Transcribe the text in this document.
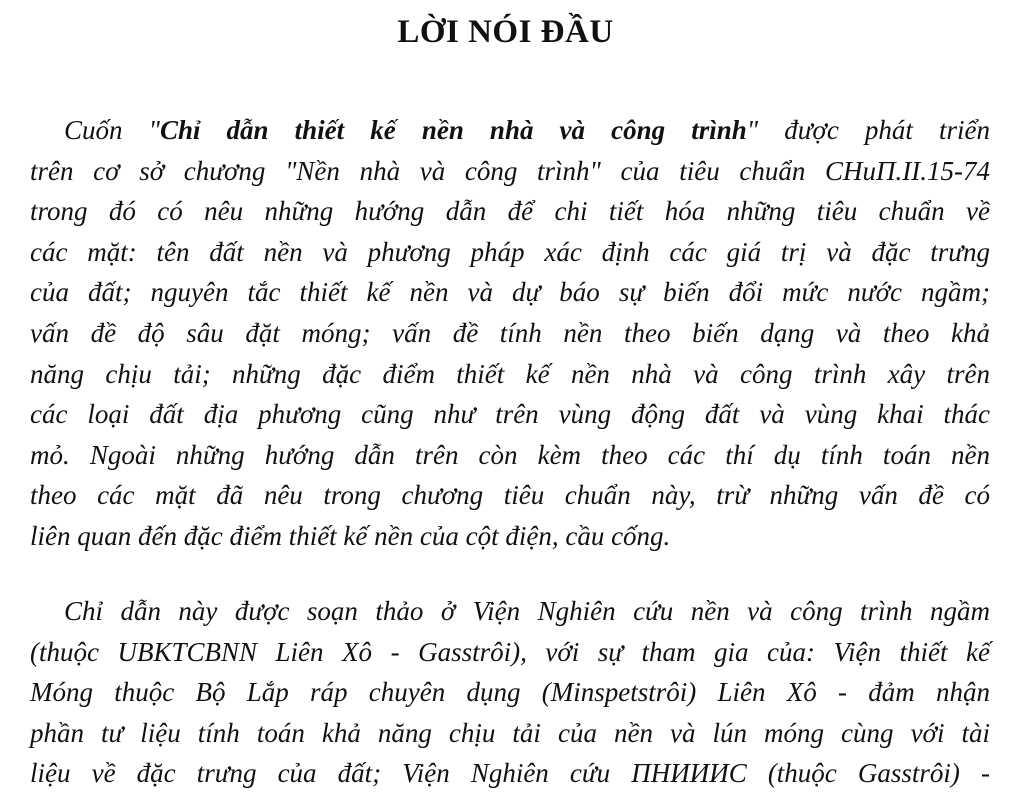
LỜI NÓI ĐẦU
Cuốn "Chỉ dẫn thiết kế nền nhà và công trình" được phát triển
trên cơ sở chương "Nền nhà và công trình" của tiêu chuẩn CHuП.II.15-74
trong đó có nêu những hướng dẫn để chi tiết hóa những tiêu chuẩn về
các mặt: tên đất nền và phương pháp xác định các giá trị và đặc trưng
của đất; nguyên tắc thiết kế nền và dự báo sự biến đổi mức nước ngầm;
vấn đề độ sâu đặt móng; vấn đề tính nền theo biến dạng và theo khả
năng chịu tải; những đặc điểm thiết kế nền nhà và công trình xây trên
các loại đất địa phương cũng như trên vùng động đất và vùng khai thác
mỏ. Ngoài những hướng dẫn trên còn kèm theo các thí dụ tính toán nền
theo các mặt đã nêu trong chương tiêu chuẩn này, trừ những vấn đề có
liên quan đến đặc điểm thiết kế nền của cột điện, cầu cống.
Chỉ dẫn này được soạn thảo ở Viện Nghiên cứu nền và công trình ngầm
(thuộc UBKTCBNN Liên Xô - Gasstrôi), với sự tham gia của: Viện thiết kế
Móng thuộc Bộ Lắp ráp chuyên dụng (Minspetstrôi) Liên Xô - đảm nhận
phần tư liệu tính toán khả năng chịu tải của nền và lún móng cùng với tài
liệu về đặc trưng của đất; Viện Nghiên cứu ПНИИИС (thuộc Gasstrôi) -
